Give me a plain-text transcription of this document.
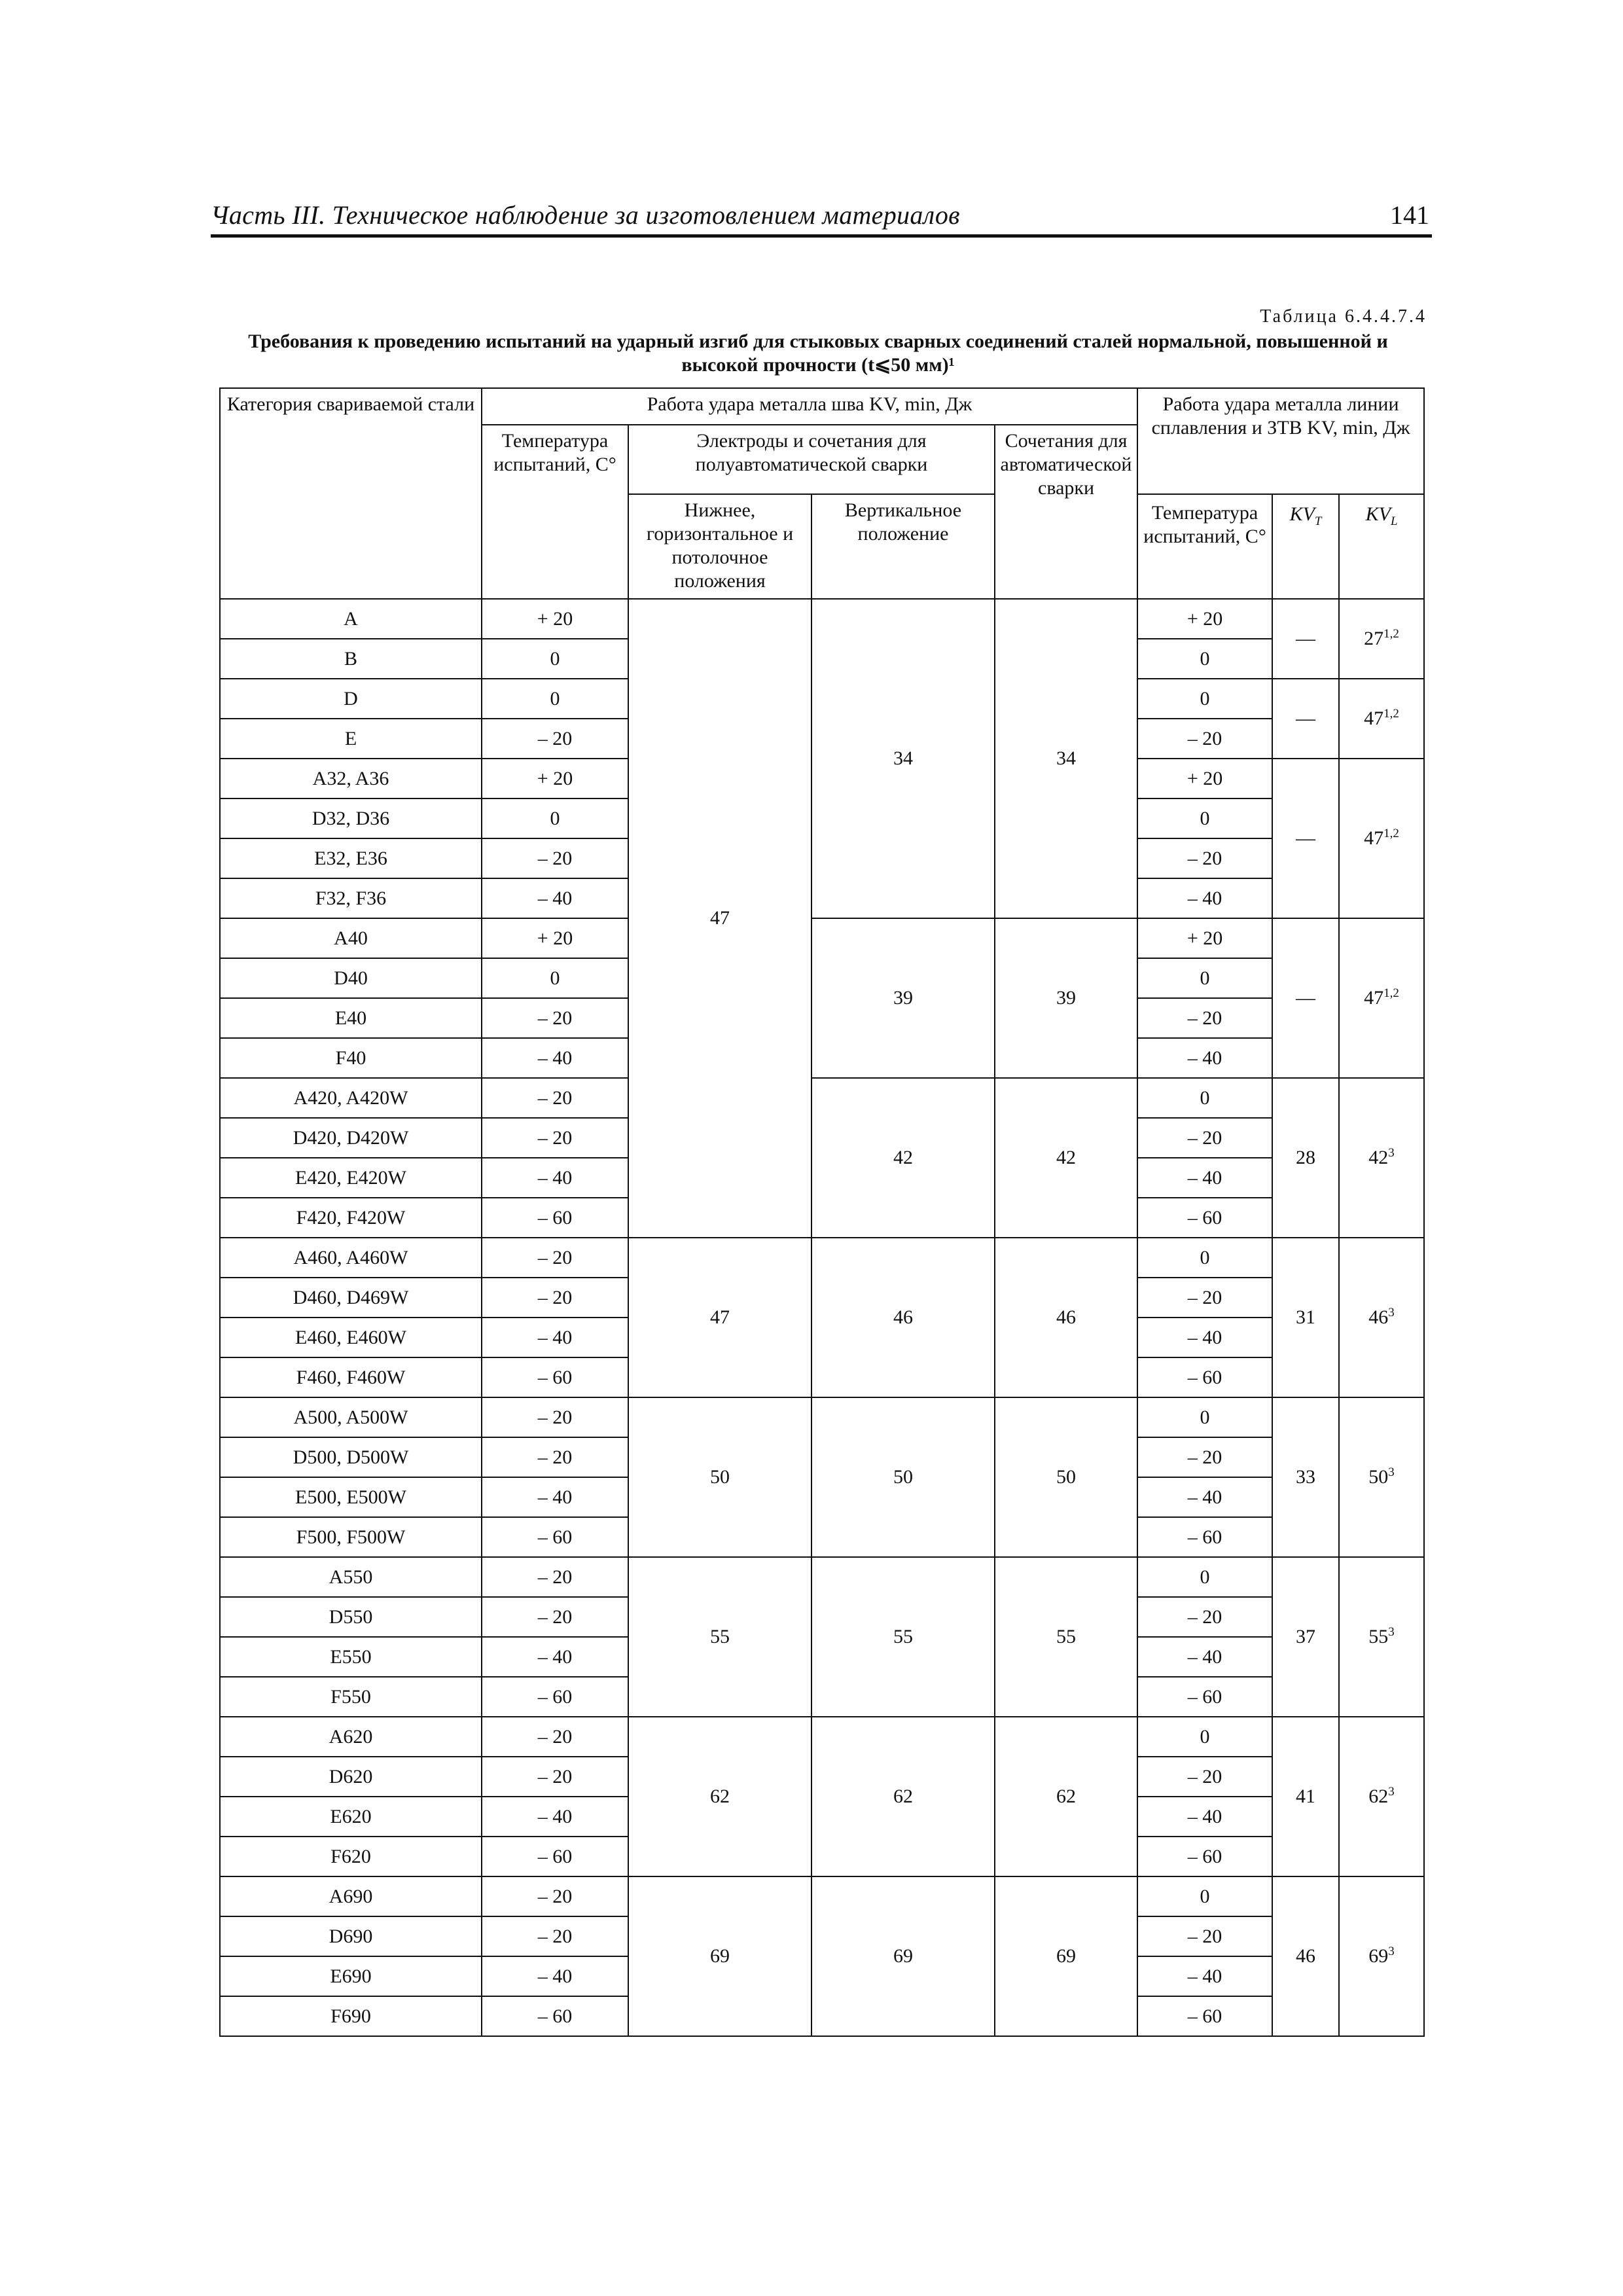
Часть III. Техническое наблюдение за изготовлением материалов	141
Таблица 6.4.4.7.4
Требования к проведению испытаний на ударный изгиб для стыковых сварных соединений сталей нормальной, повышенной и высокой прочности (t⩽50 мм)¹
Категория свариваемой стали	Работа удара металла шва KV, min, Дж				Работа удара металла линии сплавления и ЗТВ KV, min, Дж		
	Температура испытаний, С°	Электроды и сочетания для полуавтоматической сварки		Сочетания для автоматической сварки			
		Нижнее, горизонтальное и потолочное положения	Вертикальное положение		Температура испытаний, С°	$KV_T$	$KV_L$
A	+ 20	47	34	34	+ 20	—	27$^{1,2}$
B	0				0		
D	0				0	—	47$^{1,2}$
E	– 20				– 20		
A32, A36	+ 20				+ 20	—	47$^{1,2}$
D32, D36	0				0		
E32, E36	– 20				– 20		
F32, F36	– 40				– 40		
A40	+ 20		39	39	+ 20	—	47$^{1,2}$
D40	0				0		
E40	– 20				– 20		
F40	– 40				– 40		
A420, A420W	– 20		42	42	0	28	$42^3$
D420, D420W	– 20				– 20		
E420, E420W	– 40				– 40		
F420, F420W	– 60				– 60		
A460, A460W	– 20	47	46	46	0	31	$46^3$
D460, D469W	– 20				– 20		
E460, E460W	– 40				– 40		
F460, F460W	– 60				– 60		
A500, A500W	– 20	50	50	50	0	33	$50^3$
D500, D500W	– 20				– 20		
E500, E500W	– 40				– 40		
F500, F500W	– 60				– 60		
A550	– 20	55	55	55	0	37	$55^3$
D550	– 20				– 20		
E550	– 40				– 40		
F550	– 60				– 60		
A620	– 20	62	62	62	0	41	$62^3$
D620	– 20				– 20		
E620	– 40				– 40		
F620	– 60				– 60		
A690	– 20	69	69	69	0	46	$69^3$
D690	– 20				– 20		
E690	– 40				– 40		
F690	– 60				– 60		
